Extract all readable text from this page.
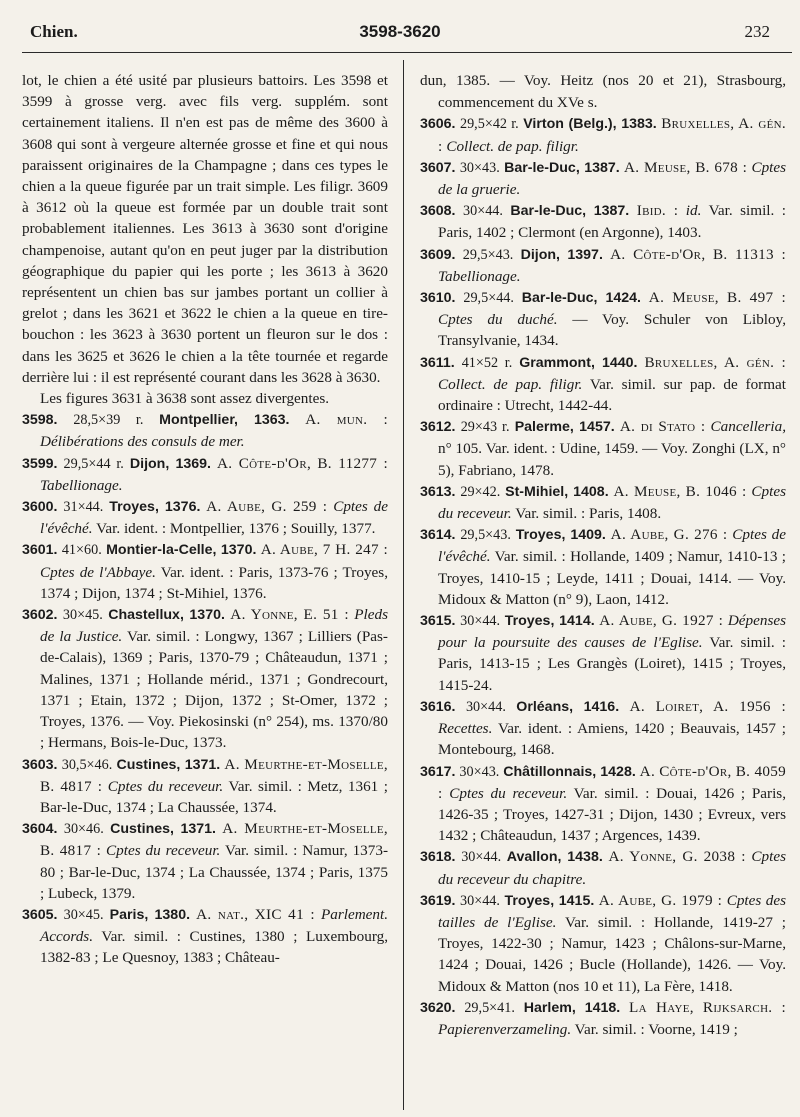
Chien.	3598-3620	232

lot, le chien a été usité par plusieurs battoirs. Les 3598 et 3599 à grosse verg. avec fils verg. supplém. sont certainement italiens. Il n'en est pas de même des 3600 à 3608 qui sont à vergeure alternée grosse et fine et qui nous paraissent originaires de la Champagne ; dans ces types le chien a la queue figurée par un trait simple. Les filigr. 3609 à 3612 où la queue est formée par un double trait sont probablement italiennes. Les 3613 à 3630 sont d'origine champenoise, autant qu'on en peut juger par la distribution géographique du papier qui les porte ; les 3613 à 3620 représentent un chien bas sur jambes portant un collier à grelot ; dans les 3621 et 3622 le chien a la queue en tire-bouchon : les 3623 à 3630 portent un fleuron sur le dos : dans les 3625 et 3626 le chien a la tête tournée et regarde derrière lui : il est représenté courant dans les 3628 à 3630.

Les figures 3631 à 3638 sont assez divergentes.

3598. 28,5×39 r. Montpellier, 1363. A. mun. : Délibérations des consuls de mer.

3599. 29,5×44 r. Dijon, 1369. A. Côte-d'Or, B. 11277 : Tabellionage.

3600. 31×44. Troyes, 1376. A. Aube, G. 259 : Cptes de l'évêché. Var. ident. : Montpellier, 1376 ; Souilly, 1377.

3601. 41×60. Montier-la-Celle, 1370. A. Aube, 7 H. 247 : Cptes de l'Abbaye. Var. ident. : Paris, 1373-76 ; Troyes, 1374 ; Dijon, 1374 ; St-Mihiel, 1376.

3602. 30×45. Chastellux, 1370. A. Yonne, E. 51 : Pleds de la Justice. Var. simil. : Longwy, 1367 ; Lilliers (Pas-de-Calais), 1369 ; Paris, 1370-79 ; Châteaudun, 1371 ; Malines, 1371 ; Hollande mérid., 1371 ; Gondrecourt, 1371 ; Etain, 1372 ; Dijon, 1372 ; St-Omer, 1372 ; Troyes, 1376. — Voy. Piekosinski (n° 254), ms. 1370/80 ; Hermans, Bois-le-Duc, 1373.

3603. 30,5×46. Custines, 1371. A. Meurthe-et-Moselle, B. 4817 : Cptes du receveur. Var. simil. : Metz, 1361 ; Bar-le-Duc, 1374 ; La Chaussée, 1374.

3604. 30×46. Custines, 1371. A. Meurthe-et-Moselle, B. 4817 : Cptes du receveur. Var. simil. : Namur, 1373-80 ; Bar-le-Duc, 1374 ; La Chaussée, 1374 ; Paris, 1375 ; Lubeck, 1379.

3605. 30×45. Paris, 1380. A. nat., XIC 41 : Parlement. Accords. Var. simil. : Custines, 1380 ; Luxembourg, 1382-83 ; Le Quesnoy, 1383 ; Château-

dun, 1385. — Voy. Heitz (nos 20 et 21), Strasbourg, commencement du XVe s.

3606. 29,5×42 r. Virton (Belg.), 1383. Bruxelles, A. gén. : Collect. de pap. filigr.

3607. 30×43. Bar-le-Duc, 1387. A. Meuse, B. 678 : Cptes de la gruerie.

3608. 30×44. Bar-le-Duc, 1387. Ibid. : id. Var. simil. : Paris, 1402 ; Clermont (en Argonne), 1403.

3609. 29,5×43. Dijon, 1397. A. Côte-d'Or, B. 11313 : Tabellionage.

3610. 29,5×44. Bar-le-Duc, 1424. A. Meuse, B. 497 : Cptes du duché. — Voy. Schuler von Libloy, Transylvanie, 1434.

3611. 41×52 r. Grammont, 1440. Bruxelles, A. gén. : Collect. de pap. filigr. Var. simil. sur pap. de format ordinaire : Utrecht, 1442-44.

3612. 29×43 r. Palerme, 1457. A. di Stato : Cancelleria, n° 105. Var. ident. : Udine, 1459. — Voy. Zonghi (LX, n° 5), Fabriano, 1478.

3613. 29×42. St-Mihiel, 1408. A. Meuse, B. 1046 : Cptes du receveur. Var. simil. : Paris, 1408.

3614. 29,5×43. Troyes, 1409. A. Aube, G. 276 : Cptes de l'évêché. Var. simil. : Hollande, 1409 ; Namur, 1410-13 ; Troyes, 1410-15 ; Leyde, 1411 ; Douai, 1414. — Voy. Midoux & Matton (n° 9), Laon, 1412.

3615. 30×44. Troyes, 1414. A. Aube, G. 1927 : Dépenses pour la poursuite des causes de l'Eglise. Var. simil. : Paris, 1413-15 ; Les Grangès (Loiret), 1415 ; Troyes, 1415-24.

3616. 30×44. Orléans, 1416. A. Loiret, A. 1956 : Recettes. Var. ident. : Amiens, 1420 ; Beauvais, 1457 ; Montebourg, 1468.

3617. 30×43. Châtillonnais, 1428. A. Côte-d'Or, B. 4059 : Cptes du receveur. Var. simil. : Douai, 1426 ; Paris, 1426-35 ; Troyes, 1427-31 ; Dijon, 1430 ; Evreux, vers 1432 ; Châteaudun, 1437 ; Argences, 1439.

3618. 30×44. Avallon, 1438. A. Yonne, G. 2038 : Cptes du receveur du chapitre.

3619. 30×44. Troyes, 1415. A. Aube, G. 1979 : Cptes des tailles de l'Eglise. Var. simil. : Hollande, 1419-27 ; Troyes, 1422-30 ; Namur, 1423 ; Châlons-sur-Marne, 1424 ; Douai, 1426 ; Bucle (Hollande), 1426. — Voy. Midoux & Matton (nos 10 et 11), La Fère, 1418.

3620. 29,5×41. Harlem, 1418. La Haye, Rijksarch. : Papierenverzameling. Var. simil. : Voorne, 1419 ;
